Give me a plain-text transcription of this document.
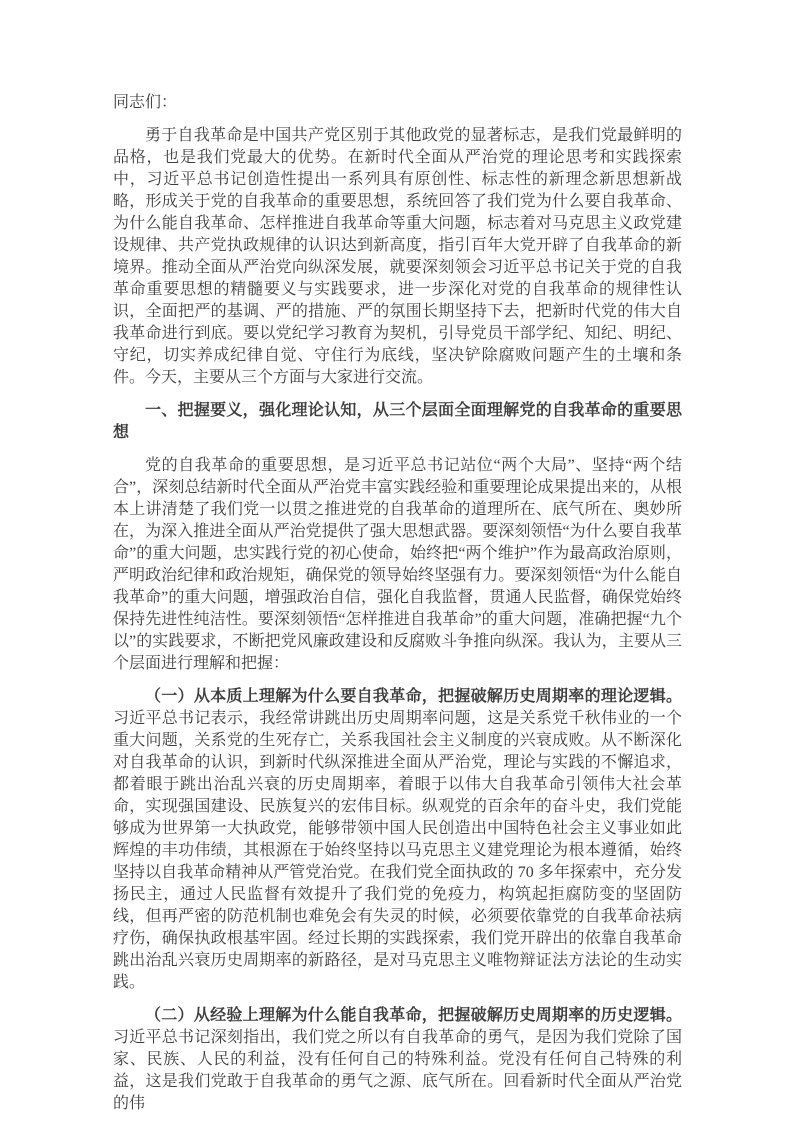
同志们：

勇于自我革命是中国共产党区别于其他政党的显著标志，是我们党最鲜明的品格，也是我们党最大的优势。在新时代全面从严治党的理论思考和实践探索中，习近平总书记创造性提出一系列具有原创性、标志性的新理念新思想新战略，形成关于党的自我革命的重要思想，系统回答了我们党为什么要自我革命、为什么能自我革命、怎样推进自我革命等重大问题，标志着对马克思主义政党建设规律、共产党执政规律的认识达到新高度，指引百年大党开辟了自我革命的新境界。推动全面从严治党向纵深发展，就要深刻领会习近平总书记关于党的自我革命重要思想的精髓要义与实践要求，进一步深化对党的自我革命的规律性认识，全面把严的基调、严的措施、严的氛围长期坚持下去，把新时代党的伟大自我革命进行到底。要以党纪学习教育为契机，引导党员干部学纪、知纪、明纪、守纪，切实养成纪律自觉、守住行为底线，坚决铲除腐败问题产生的土壤和条件。今天，主要从三个方面与大家进行交流。

一、把握要义，强化理论认知，从三个层面全面理解党的自我革命的重要思想

党的自我革命的重要思想，是习近平总书记站位“两个大局”、坚持“两个结合”，深刻总结新时代全面从严治党丰富实践经验和重要理论成果提出来的，从根本上讲清楚了我们党一以贯之推进党的自我革命的道理所在、底气所在、奥妙所在，为深入推进全面从严治党提供了强大思想武器。要深刻领悟“为什么要自我革命”的重大问题，忠实践行党的初心使命，始终把“两个维护”作为最高政治原则，严明政治纪律和政治规矩，确保党的领导始终坚强有力。要深刻领悟“为什么能自我革命”的重大问题，增强政治自信，强化自我监督，贯通人民监督，确保党始终保持先进性纯洁性。要深刻领悟“怎样推进自我革命”的重大问题，准确把握“九个以”的实践要求，不断把党风廉政建设和反腐败斗争推向纵深。我认为，主要从三个层面进行理解和把握：

（一）从本质上理解为什么要自我革命，把握破解历史周期率的理论逻辑。习近平总书记表示，我经常讲跳出历史周期率问题，这是关系党千秋伟业的一个重大问题，关系党的生死存亡，关系我国社会主义制度的兴衰成败。从不断深化对自我革命的认识，到新时代纵深推进全面从严治党，理论与实践的不懈追求，都着眼于跳出治乱兴衰的历史周期率，着眼于以伟大自我革命引领伟大社会革命，实现强国建设、民族复兴的宏伟目标。纵观党的百余年的奋斗史，我们党能够成为世界第一大执政党，能够带领中国人民创造出中国特色社会主义事业如此辉煌的丰功伟绩，其根源在于始终坚持以马克思主义建党理论为根本遵循，始终坚持以自我革命精神从严管党治党。在我们党全面执政的 70 多年探索中，充分发扬民主，通过人民监督有效提升了我们党的免疫力，构筑起拒腐防变的坚固防线，但再严密的防范机制也难免会有失灵的时候，必须要依靠党的自我革命祛病疗伤，确保执政根基牢固。经过长期的实践探索，我们党开辟出的依靠自我革命跳出治乱兴衰历史周期率的新路径，是对马克思主义唯物辩证法方法论的生动实践。

（二）从经验上理解为什么能自我革命，把握破解历史周期率的历史逻辑。习近平总书记深刻指出，我们党之所以有自我革命的勇气，是因为我们党除了国家、民族、人民的利益，没有任何自己的特殊利益。党没有任何自己特殊的利益，这是我们党敢于自我革命的勇气之源、底气所在。回看新时代全面从严治党的伟
